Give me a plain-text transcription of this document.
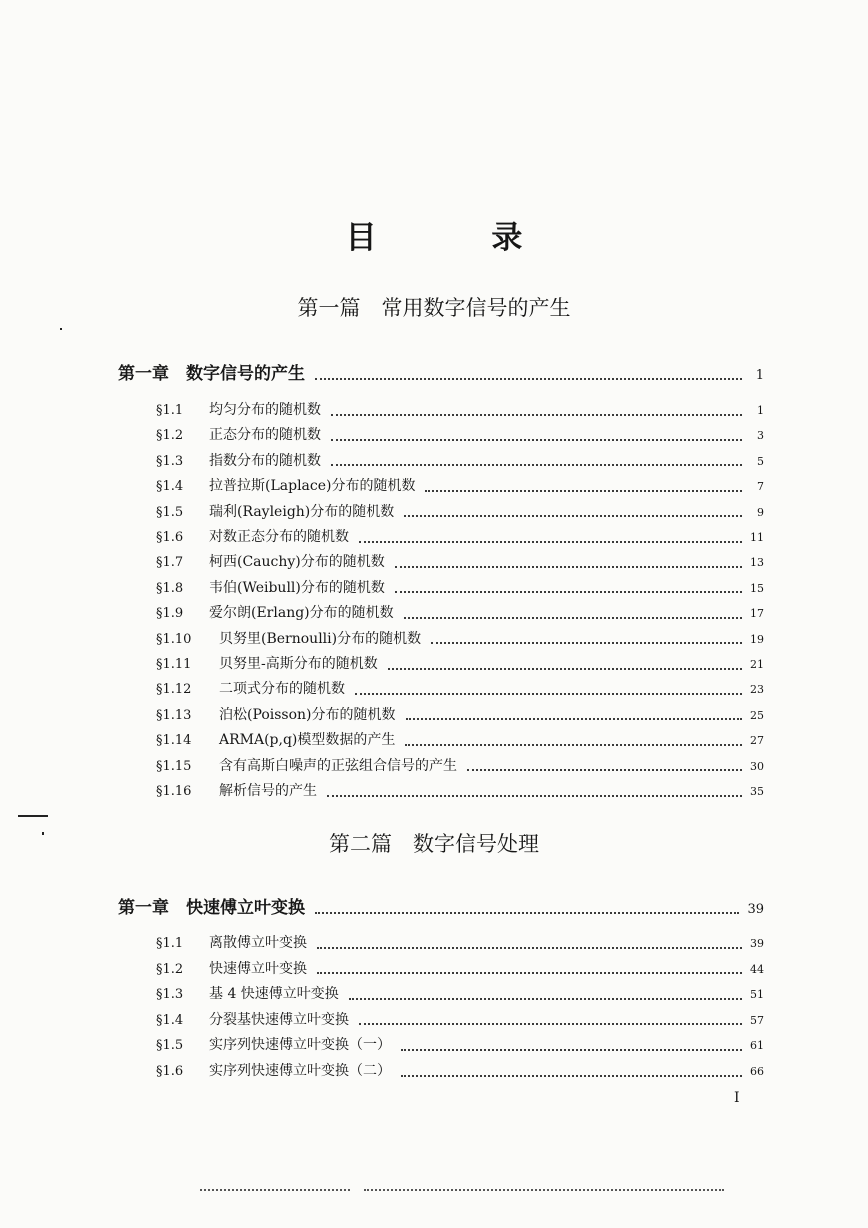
目 录
第一篇　常用数字信号的产生
第一章　数字信号的产生	1
§1.1	均匀分布的随机数	1
§1.2	正态分布的随机数	3
§1.3	指数分布的随机数	5
§1.4	拉普拉斯(Laplace)分布的随机数	7
§1.5	瑞利(Rayleigh)分布的随机数	9
§1.6	对数正态分布的随机数	11
§1.7	柯西(Cauchy)分布的随机数	13
§1.8	韦伯(Weibull)分布的随机数	15
§1.9	爱尔朗(Erlang)分布的随机数	17
§1.10	贝努里(Bernoulli)分布的随机数	19
§1.11	贝努里-高斯分布的随机数	21
§1.12	二项式分布的随机数	23
§1.13	泊松(Poisson)分布的随机数	25
§1.14	ARMA(p,q)模型数据的产生	27
§1.15	含有高斯白噪声的正弦组合信号的产生	30
§1.16	解析信号的产生	35
第二篇　数字信号处理
第一章　快速傅立叶变换	39
§1.1	离散傅立叶变换	39
§1.2	快速傅立叶变换	44
§1.3	基 4 快速傅立叶变换	51
§1.4	分裂基快速傅立叶变换	57
§1.5	实序列快速傅立叶变换（一）	61
§1.6	实序列快速傅立叶变换（二）	66
I
